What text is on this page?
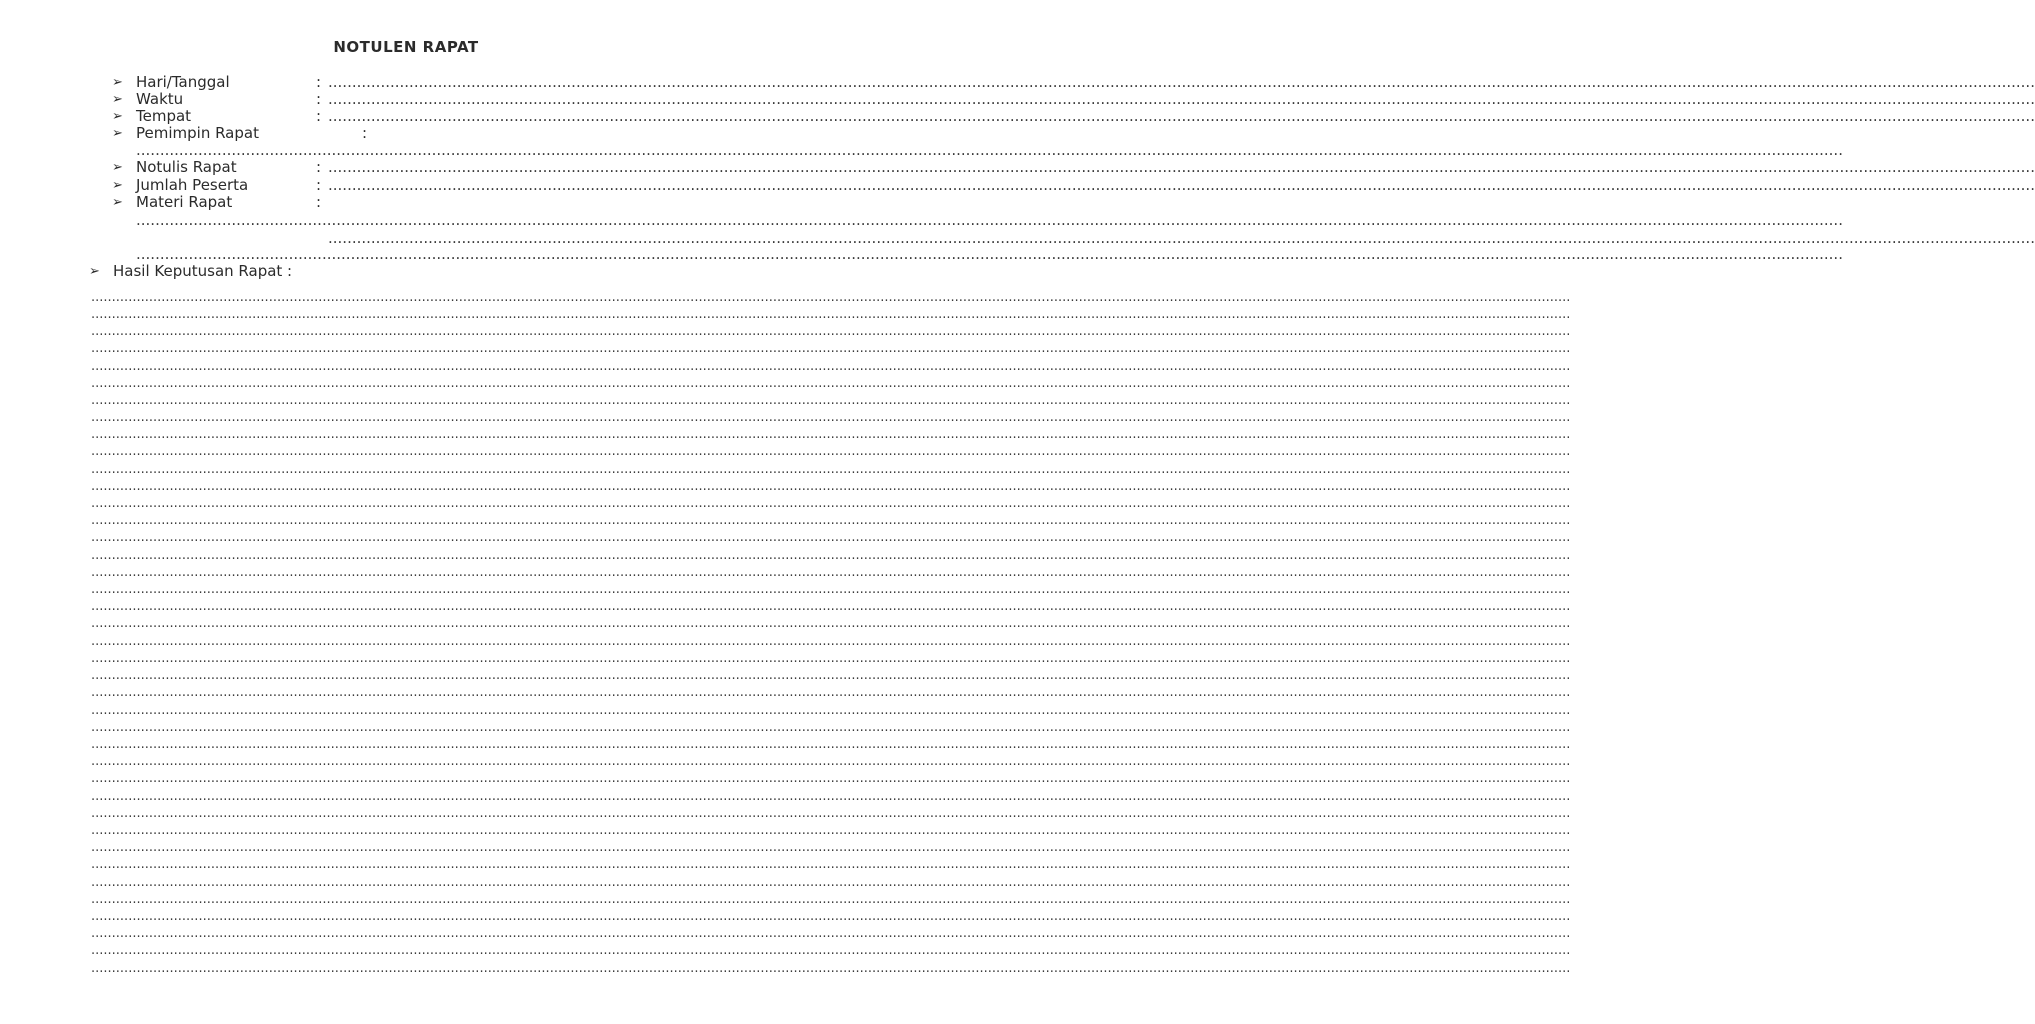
NOTULEN RAPAT
➢ Hari/Tanggal	: ......................................................................................................................................................................................................................................................................................................................................................................
➢ Waktu	: ......................................................................................................................................................................................................................................................................................................................................................................
➢ Tempat	: ......................................................................................................................................................................................................................................................................................................................................................................
➢ Pemimpin Rapat	:
......................................................................................................................................................................................................................................................................................................................................................................
➢ Notulis Rapat	: ......................................................................................................................................................................................................................................................................................................................................................................
➢ Jumlah Peserta	: ......................................................................................................................................................................................................................................................................................................................................................................
➢ Materi Rapat	:
......................................................................................................................................................................................................................................................................................................................................................................
......................................................................................................................................................................................................................................................................................................................................................................
......................................................................................................................................................................................................................................................................................................................................................................
➢ Hasil Keputusan Rapat :
......................................................................................................................................................................................................................................................................................................................................................................
......................................................................................................................................................................................................................................................................................................................................................................
......................................................................................................................................................................................................................................................................................................................................................................
......................................................................................................................................................................................................................................................................................................................................................................
......................................................................................................................................................................................................................................................................................................................................................................
......................................................................................................................................................................................................................................................................................................................................................................
......................................................................................................................................................................................................................................................................................................................................................................
......................................................................................................................................................................................................................................................................................................................................................................
......................................................................................................................................................................................................................................................................................................................................................................
......................................................................................................................................................................................................................................................................................................................................................................
......................................................................................................................................................................................................................................................................................................................................................................
......................................................................................................................................................................................................................................................................................................................................................................
......................................................................................................................................................................................................................................................................................................................................................................
......................................................................................................................................................................................................................................................................................................................................................................
......................................................................................................................................................................................................................................................................................................................................................................
......................................................................................................................................................................................................................................................................................................................................................................
......................................................................................................................................................................................................................................................................................................................................................................
......................................................................................................................................................................................................................................................................................................................................................................
......................................................................................................................................................................................................................................................................................................................................................................
......................................................................................................................................................................................................................................................................................................................................................................
......................................................................................................................................................................................................................................................................................................................................................................
......................................................................................................................................................................................................................................................................................................................................................................
......................................................................................................................................................................................................................................................................................................................................................................
......................................................................................................................................................................................................................................................................................................................................................................
......................................................................................................................................................................................................................................................................................................................................................................
......................................................................................................................................................................................................................................................................................................................................................................
......................................................................................................................................................................................................................................................................................................................................................................
......................................................................................................................................................................................................................................................................................................................................................................
......................................................................................................................................................................................................................................................................................................................................................................
......................................................................................................................................................................................................................................................................................................................................................................
......................................................................................................................................................................................................................................................................................................................................................................
......................................................................................................................................................................................................................................................................................................................................................................
......................................................................................................................................................................................................................................................................................................................................................................
......................................................................................................................................................................................................................................................................................................................................................................
......................................................................................................................................................................................................................................................................................................................................................................
......................................................................................................................................................................................................................................................................................................................................................................
......................................................................................................................................................................................................................................................................................................................................................................
......................................................................................................................................................................................................................................................................................................................................................................
......................................................................................................................................................................................................................................................................................................................................................................
......................................................................................................................................................................................................................................................................................................................................................................
